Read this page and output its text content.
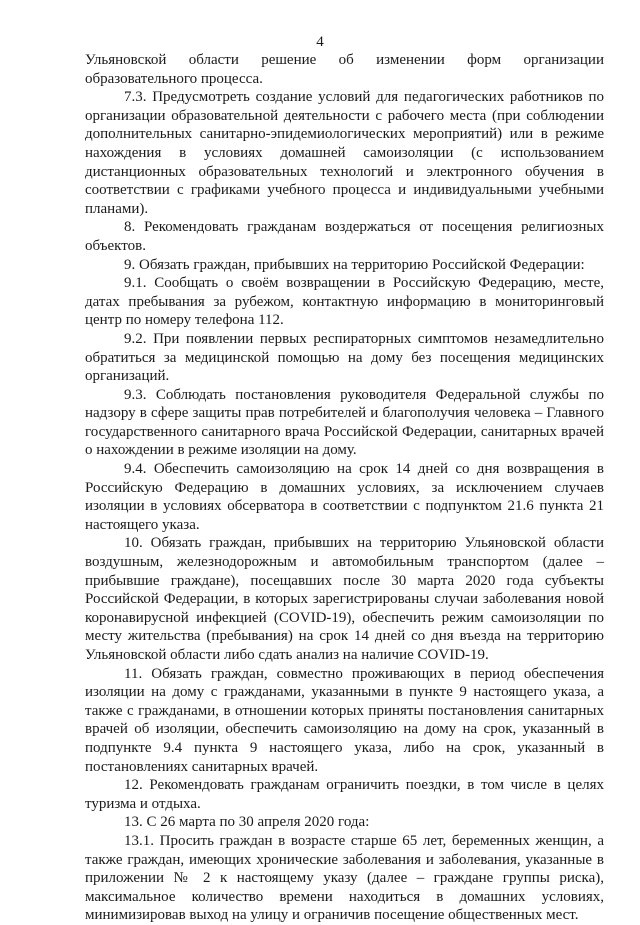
4

Ульяновской области решение об изменении форм организации образовательного процесса.

7.3. Предусмотреть создание условий для педагогических работников по организации образовательной деятельности с рабочего места (при соблюдении дополнительных санитарно-эпидемиологических мероприятий) или в режиме нахождения в условиях домашней самоизоляции (с использованием дистанционных образовательных технологий и электронного обучения в соответствии с графиками учебного процесса и индивидуальными учебными планами).

8. Рекомендовать гражданам воздержаться от посещения религиозных объектов.

9. Обязать граждан, прибывших на территорию Российской Федерации:

9.1. Сообщать о своём возвращении в Российскую Федерацию, месте, датах пребывания за рубежом, контактную информацию в мониторинговый центр по номеру телефона 112.

9.2. При появлении первых респираторных симптомов незамедлительно обратиться за медицинской помощью на дому без посещения медицинских организаций.

9.3. Соблюдать постановления руководителя Федеральной службы по надзору в сфере защиты прав потребителей и благополучия человека – Главного государственного санитарного врача Российской Федерации, санитарных врачей о нахождении в режиме изоляции на дому.

9.4. Обеспечить самоизоляцию на срок 14 дней со дня возвращения в Российскую Федерацию в домашних условиях, за исключением случаев изоляции в условиях обсерватора в соответствии с подпунктом 21.6 пункта 21 настоящего указа.

10. Обязать граждан, прибывших на территорию Ульяновской области воздушным, железнодорожным и автомобильным транспортом (далее – прибывшие граждане), посещавших после 30 марта 2020 года субъекты Российской Федерации, в которых зарегистрированы случаи заболевания новой коронавирусной инфекцией (COVID-19), обеспечить режим самоизоляции по месту жительства (пребывания) на срок 14 дней со дня въезда на территорию Ульяновской области либо сдать анализ на наличие COVID-19.

11. Обязать граждан, совместно проживающих в период обеспечения изоляции на дому с гражданами, указанными в пункте 9 настоящего указа, а также с гражданами, в отношении которых приняты постановления санитарных врачей об изоляции, обеспечить самоизоляцию на дому на срок, указанный в подпункте 9.4 пункта 9 настоящего указа, либо на срок, указанный в постановлениях санитарных врачей.

12. Рекомендовать гражданам ограничить поездки, в том числе в целях туризма и отдыха.

13. С 26 марта по 30 апреля 2020 года:

13.1. Просить граждан в возрасте старше 65 лет, беременных женщин, а также граждан, имеющих хронические заболевания и заболевания, указанные в приложении № 2 к настоящему указу (далее – граждане группы риска), максимальное количество времени находиться в домашних условиях, минимизировав выход на улицу и ограничив посещение общественных мест.
